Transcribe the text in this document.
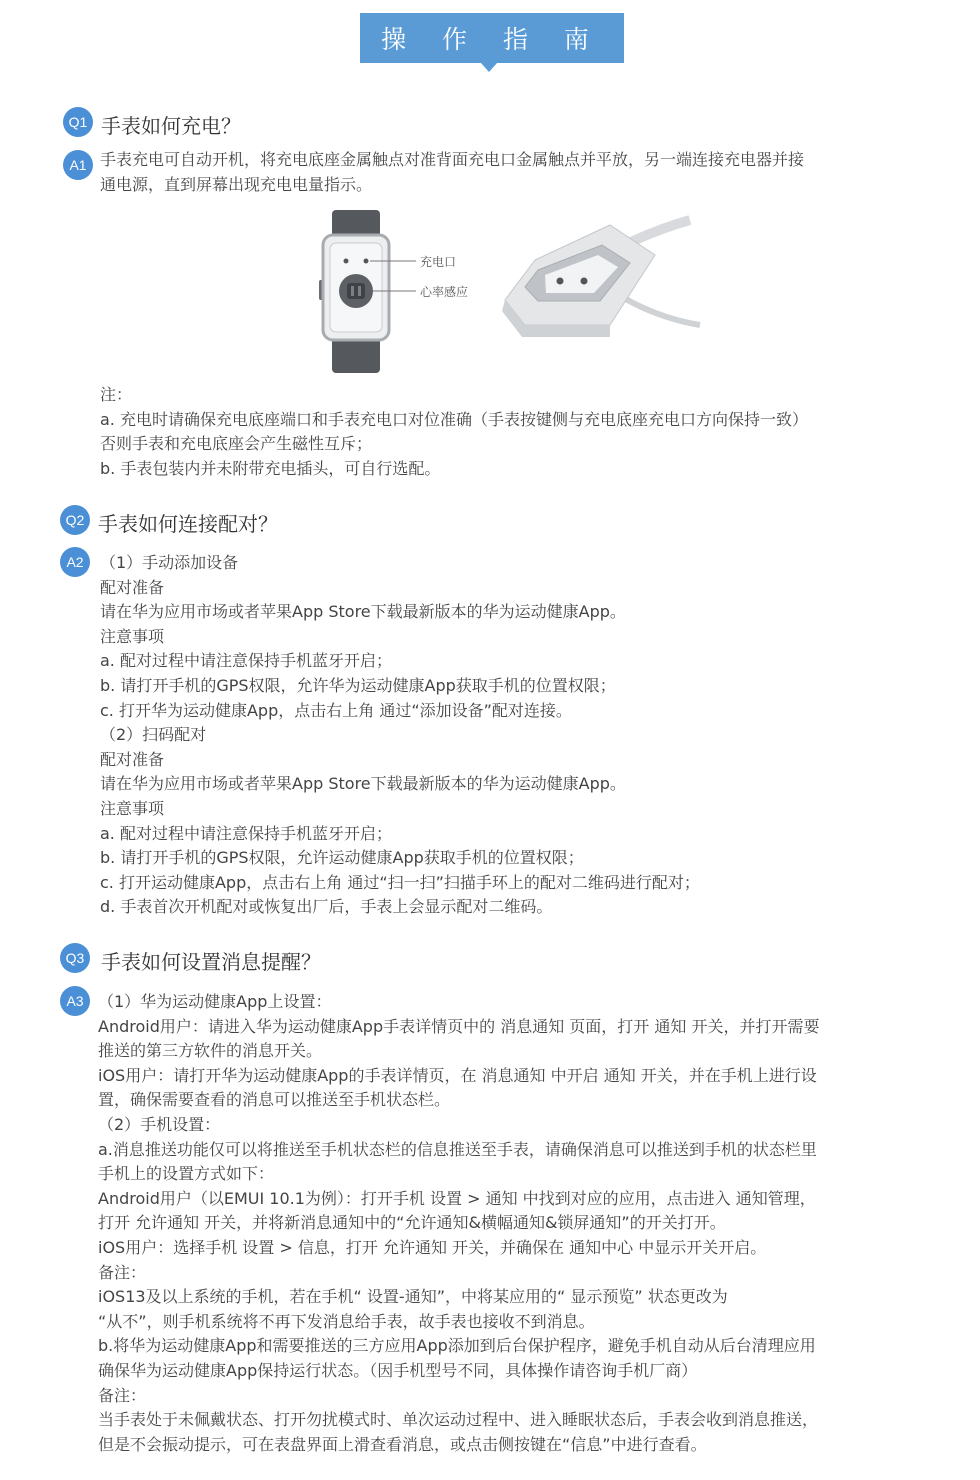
操 作 指 南
Q1 手表如何充电？
A1 手表充电可自动开机，将充电底座金属触点对准背面充电口金属触点并平放，另一端连接充电器并接
通电源，直到屏幕出现充电电量指示。
充电口
心率感应
注：
a. 充电时请确保充电底座端口和手表充电口对位准确（手表按键侧与充电底座充电口方向保持一致）
否则手表和充电底座会产生磁性互斥；
b. 手表包装内并未附带充电插头，可自行选配。
Q2 手表如何连接配对？
A2	（1）手动添加设备
配对准备
请在华为应用市场或者苹果App Store下载最新版本的华为运动健康App。
注意事项
a. 配对过程中请注意保持手机蓝牙开启；
b. 请打开手机的GPS权限，允许华为运动健康App获取手机的位置权限；
c. 打开华为运动健康App，点击右上角 通过“添加设备”配对连接。
（2）扫码配对
配对准备
请在华为应用市场或者苹果App Store下载最新版本的华为运动健康App。
注意事项
a. 配对过程中请注意保持手机蓝牙开启；
b. 请打开手机的GPS权限，允许运动健康App获取手机的位置权限；
c. 打开运动健康App，点击右上角 通过“扫一扫”扫描手环上的配对二维码进行配对；
d. 手表首次开机配对或恢复出厂后，手表上会显示配对二维码。
Q3 手表如何设置消息提醒？
A3 （1）华为运动健康App上设置：
Android用户：请进入华为运动健康App手表详情页中的 消息通知 页面，打开 通知 开关，并打开需要
推送的第三方软件的消息开关。
iOS用户：请打开华为运动健康App的手表详情页，在 消息通知 中开启 通知 开关，并在手机上进行设
置，确保需要查看的消息可以推送至手机状态栏。
（2）手机设置：
a.消息推送功能仅可以将推送至手机状态栏的信息推送至手表，请确保消息可以推送到手机的状态栏里
手机上的设置方式如下：
Android用户（以EMUI 10.1为例）：打开手机 设置 > 通知 中找到对应的应用，点击进入 通知管理，
打开 允许通知 开关，并将新消息通知中的“允许通知&横幅通知&锁屏通知”的开关打开。
iOS用户：选择手机 设置 > 信息，打开 允许通知 开关，并确保在 通知中心 中显示开关开启。
备注：
iOS13及以上系统的手机，若在手机“ 设置-通知”，中将某应用的“ 显示预览” 状态更改为
“从不”，则手机系统将不再下发消息给手表，故手表也接收不到消息。
b.将华为运动健康App和需要推送的三方应用App添加到后台保护程序，避免手机自动从后台清理应用
确保华为运动健康App保持运行状态。（因手机型号不同，具体操作请咨询手机厂商）
备注：
当手表处于未佩戴状态、打开勿扰模式时、单次运动过程中、进入睡眠状态后，手表会收到消息推送，
但是不会振动提示，可在表盘界面上滑查看消息，或点击侧按键在“信息”中进行查看。
